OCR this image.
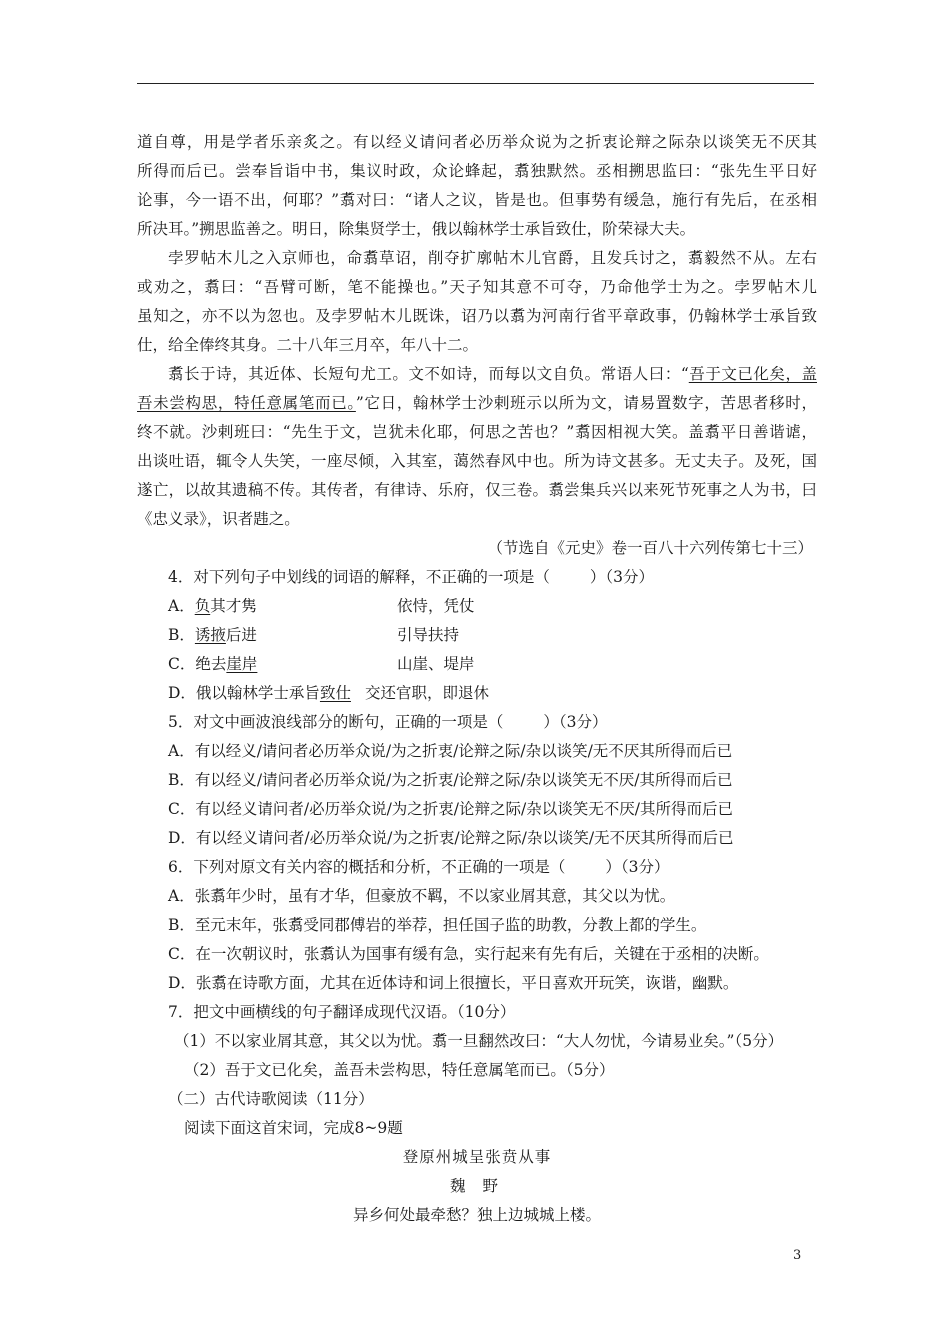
道自尊，用是学者乐亲炙之。有以经义请问者必历举众说为之折衷论辩之际杂以谈笑无不厌其
所得而后已。尝奉旨诣中书，集议时政，众论蜂起，翥独默然。丞相搠思监曰：“张先生平日好
论事，今一语不出，何耶？”翥对曰：“诸人之议，皆是也。但事势有缓急，施行有先后，在丞相
所决耳。”搠思监善之。明日，除集贤学士，俄以翰林学士承旨致仕，阶荣禄大夫。
孛罗帖木儿之入京师也，命翥草诏，削夺扩廓帖木儿官爵，且发兵讨之，翥毅然不从。左右
或劝之，翥曰：“吾臂可断，笔不能操也。”天子知其意不可夺，乃命他学士为之。孛罗帖木儿
虽知之，亦不以为忽也。及孛罗帖木儿既诛，诏乃以翥为河南行省平章政事，仍翰林学士承旨致
仕，给全俸终其身。二十八年三月卒，年八十二。
翥长于诗，其近体、长短句尤工。文不如诗，而每以文自负。常语人曰：“吾于文已化矣，盖
吾未尝构思，特任意属笔而已。”它日，翰林学士沙剌班示以所为文，请易置数字，苦思者移时，
终不就。沙剌班曰：“先生于文，岂犹未化耶，何思之苦也？”翥因相视大笑。盖翥平日善谐谑，
出谈吐语，辄令人失笑，一座尽倾，入其室，蔼然春风中也。所为诗文甚多。无丈夫子。及死，国
遂亡，以故其遗稿不传。其传者，有律诗、乐府，仅三卷。翥尝集兵兴以来死节死事之人为书，曰
《忠义录》，识者韪之。
（节选自《元史》卷一百八十六列传第七十三）
4．对下列句子中划线的词语的解释，不正确的一项是（	）（3分）
A．负其才隽	依恃，凭仗
B．诱掖后进	引导扶持
C．绝去崖岸	山崖、堤岸
D．俄以翰林学士承旨致仕 交还官职，即退休
5．对文中画波浪线部分的断句，正确的一项是（	）（3分）
A．有以经义/请问者必历举众说/为之折衷/论辩之际/杂以谈笑/无不厌其所得而后已
B．有以经义/请问者必历举众说/为之折衷/论辩之际/杂以谈笑无不厌/其所得而后已
C．有以经义请问者/必历举众说/为之折衷/论辩之际/杂以谈笑无不厌/其所得而后已
D．有以经义请问者/必历举众说/为之折衷/论辩之际/杂以谈笑/无不厌其所得而后已
6．下列对原文有关内容的概括和分析，不正确的一项是（	）（3分）
A．张翥年少时，虽有才华，但豪放不羁，不以家业屑其意，其父以为忧。
B．至元末年，张翥受同郡傅岩的举荐，担任国子监的助教，分教上都的学生。
C．在一次朝议时，张翥认为国事有缓有急，实行起来有先有后，关键在于丞相的决断。
D．张翥在诗歌方面，尤其在近体诗和词上很擅长，平日喜欢开玩笑，诙谐，幽默。
7．把文中画横线的句子翻译成现代汉语。（10分）
（1）不以家业屑其意，其父以为忧。翥一旦翻然改曰：“大人勿忧，今请易业矣。”（5分）
（2）吾于文已化矣，盖吾未尝构思，特任意属笔而已。（5分）
（二）古代诗歌阅读（11分）
阅读下面这首宋词，完成8~9题
登原州城呈张贲从事
魏 野
异乡何处最牵愁？独上边城城上楼。
3
